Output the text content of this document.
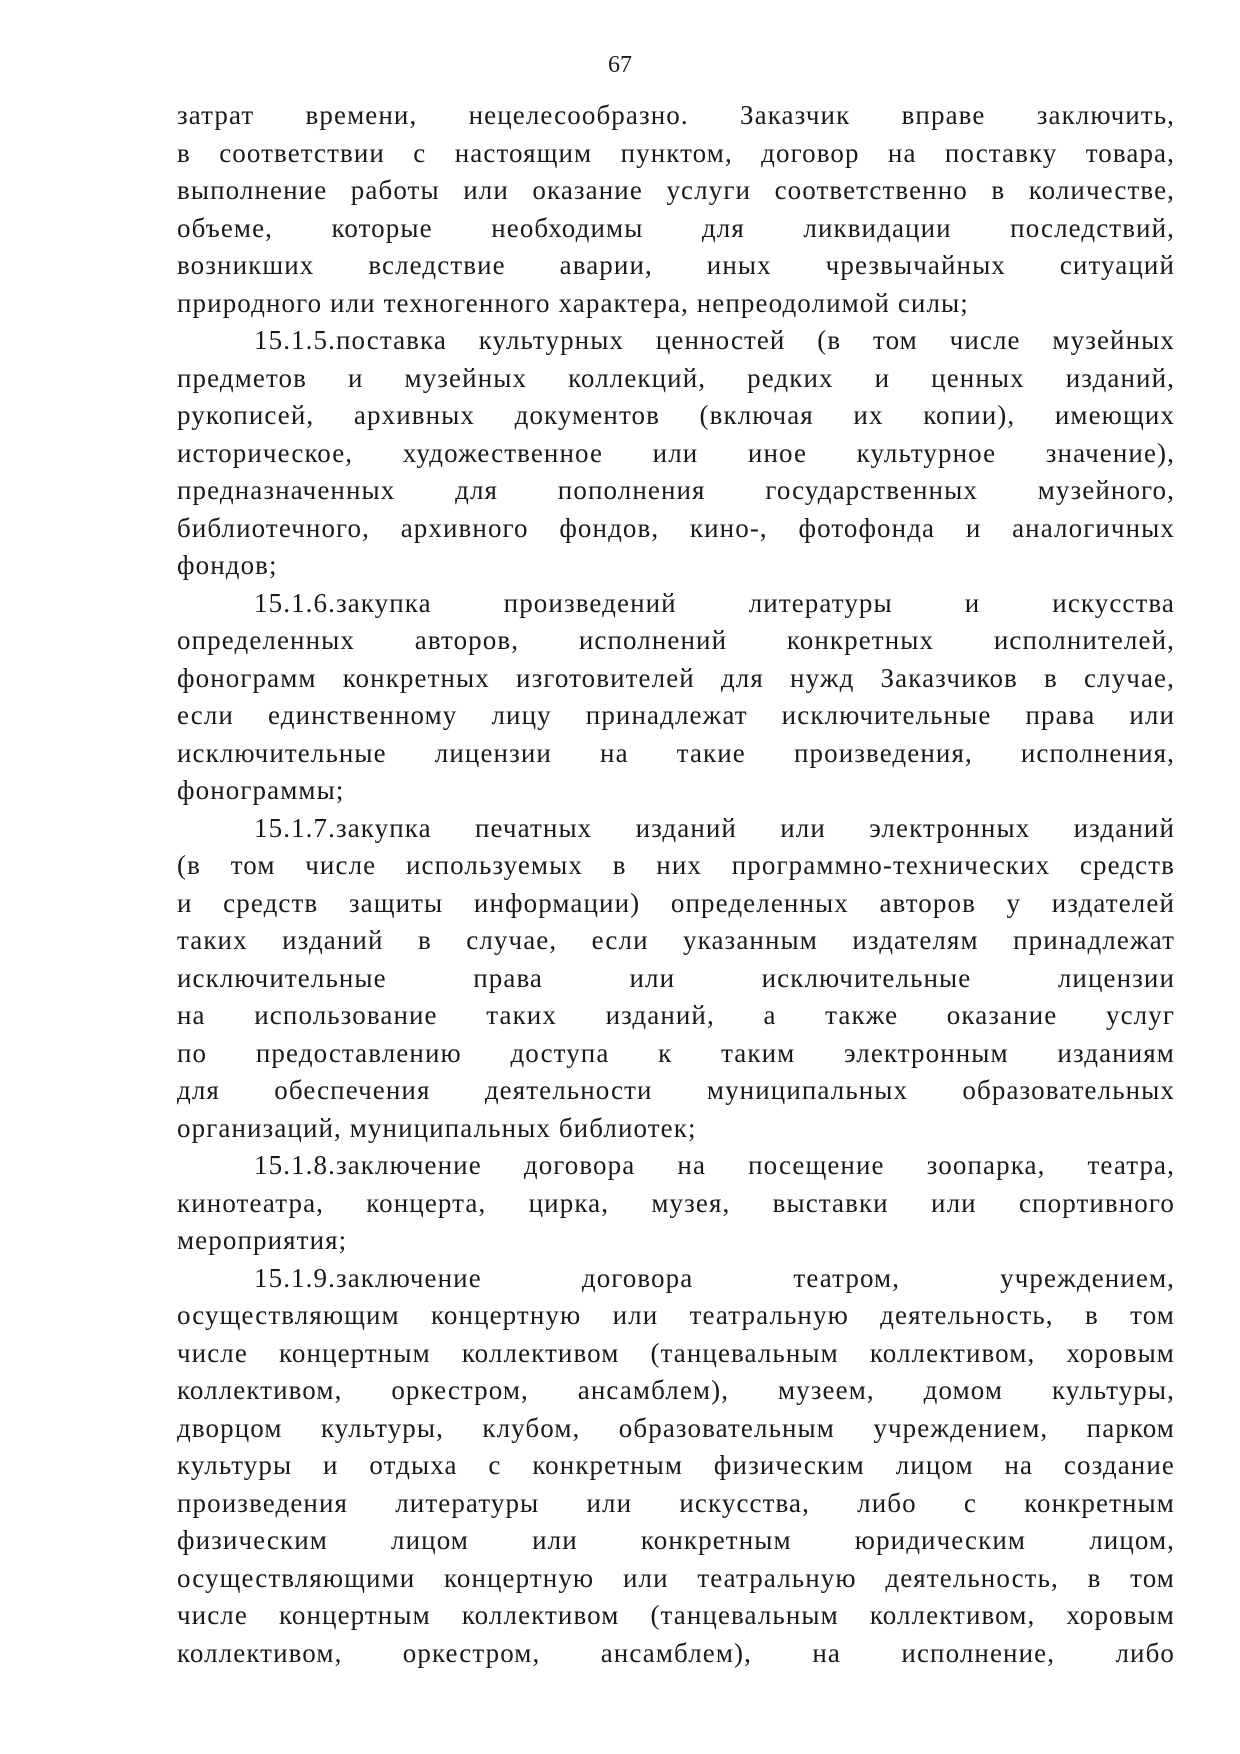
67
затрат времени, нецелесообразно. Заказчик вправе заключить,
в соответствии с настоящим пунктом, договор на поставку товара,
выполнение работы или оказание услуги соответственно в количестве,
объеме, которые необходимы для ликвидации последствий,
возникших вследствие аварии, иных чрезвычайных ситуаций
природного или техногенного характера, непреодолимой силы;
15.1.5.поставка культурных ценностей (в том числе музейных
предметов и музейных коллекций, редких и ценных изданий,
рукописей, архивных документов (включая их копии), имеющих
историческое, художественное или иное культурное значение),
предназначенных для пополнения государственных музейного,
библиотечного, архивного фондов, кино-, фотофонда и аналогичных
фондов;
15.1.6.закупка произведений литературы и искусства
определенных авторов, исполнений конкретных исполнителей,
фонограмм конкретных изготовителей для нужд Заказчиков в случае,
если единственному лицу принадлежат исключительные права или
исключительные лицензии на такие произведения, исполнения,
фонограммы;
15.1.7.закупка печатных изданий или электронных изданий
(в том числе используемых в них программно-технических средств
и средств защиты информации) определенных авторов у издателей
таких изданий в случае, если указанным издателям принадлежат
исключительные права или исключительные лицензии
на использование таких изданий, а также оказание услуг
по предоставлению доступа к таким электронным изданиям
для обеспечения деятельности муниципальных образовательных
организаций, муниципальных библиотек;
15.1.8.заключение договора на посещение зоопарка, театра,
кинотеатра, концерта, цирка, музея, выставки или спортивного
мероприятия;
15.1.9.заключение договора театром, учреждением,
осуществляющим концертную или театральную деятельность, в том
числе концертным коллективом (танцевальным коллективом, хоровым
коллективом, оркестром, ансамблем), музеем, домом культуры,
дворцом культуры, клубом, образовательным учреждением, парком
культуры и отдыха с конкретным физическим лицом на создание
произведения литературы или искусства, либо с конкретным
физическим лицом или конкретным юридическим лицом,
осуществляющими концертную или театральную деятельность, в том
числе концертным коллективом (танцевальным коллективом, хоровым
коллективом, оркестром, ансамблем), на исполнение, либо
